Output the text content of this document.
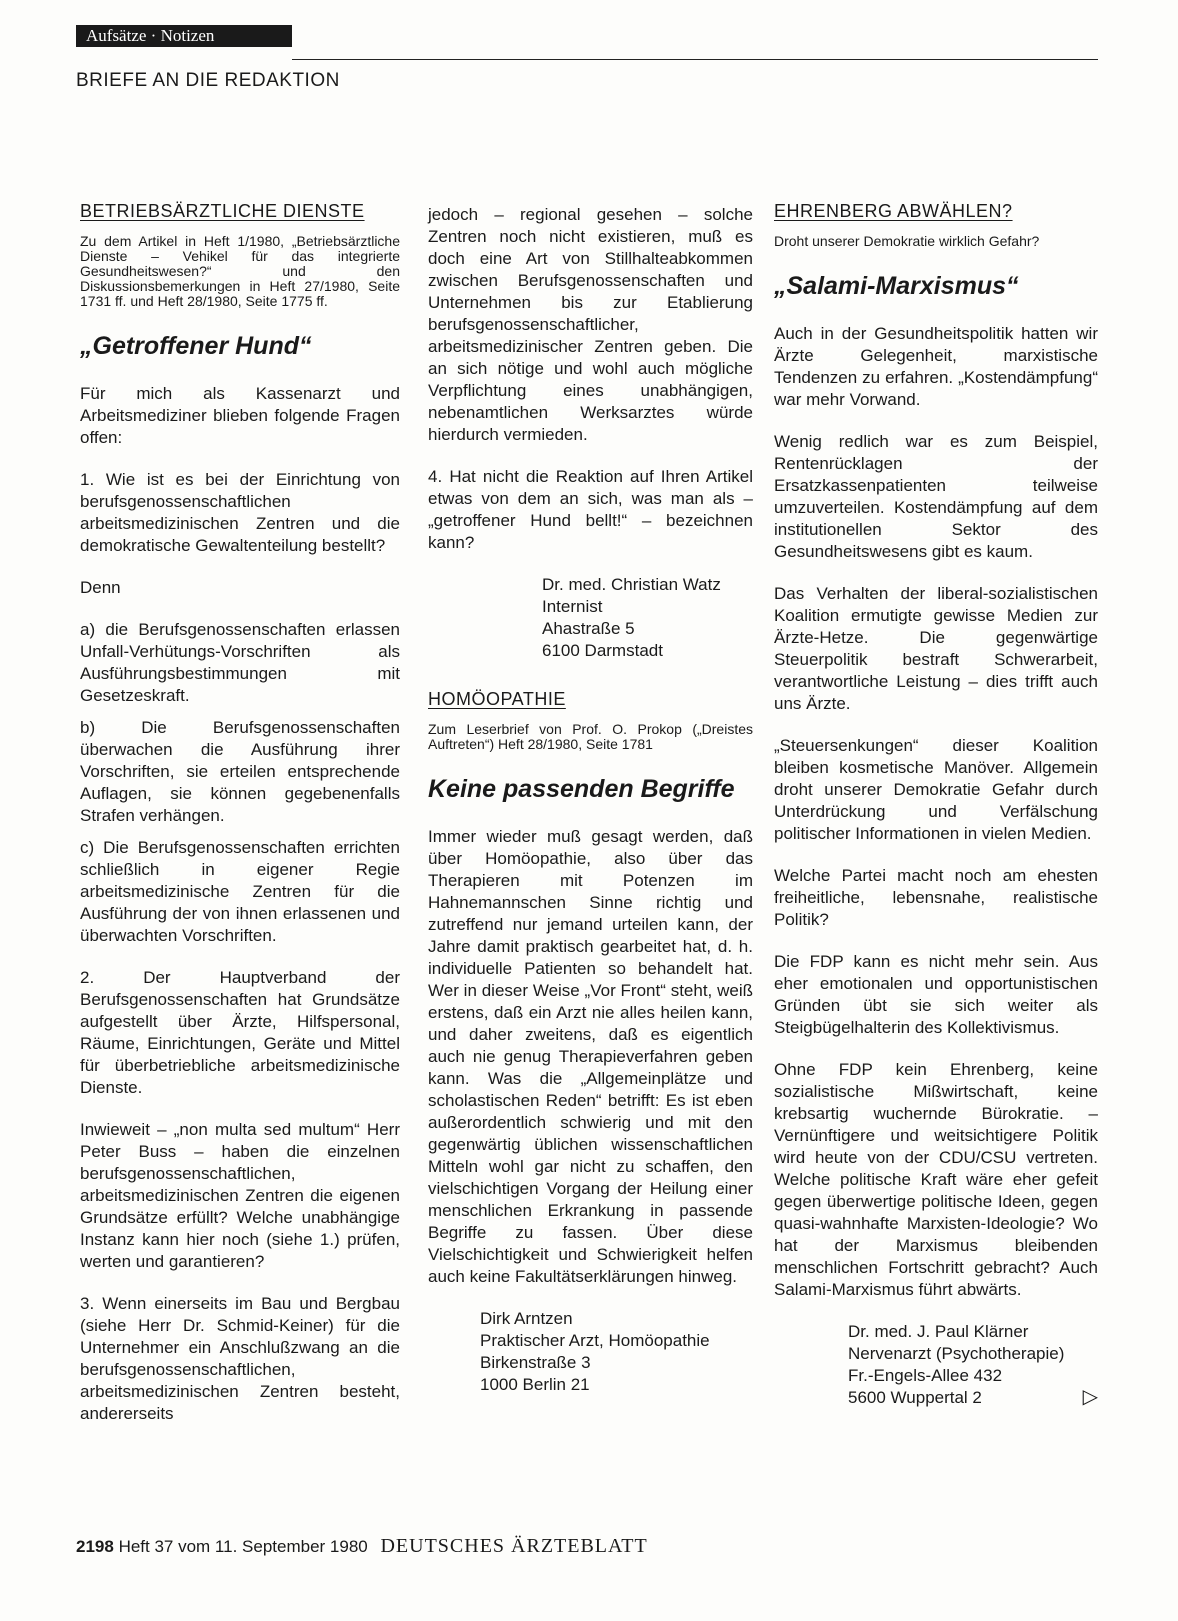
Aufsätze · Notizen
BRIEFE AN DIE REDAKTION
BETRIEBSÄRZTLICHE DIENSTE

Zu dem Artikel in Heft 1/1980, „Betriebsärztliche Dienste – Vehikel für das integrierte Gesundheitswesen?“ und den Diskussionsbemerkungen in Heft 27/1980, Seite 1731 ff. und Heft 28/1980, Seite 1775 ff.

„Getroffener Hund“

Für mich als Kassenarzt und Arbeitsmediziner blieben folgende Fragen offen:

1. Wie ist es bei der Einrichtung von berufsgenossenschaftlichen arbeitsmedizinischen Zentren und die demokratische Gewaltenteilung bestellt?

Denn

a) die Berufsgenossenschaften erlassen Unfall-Verhütungs-Vorschriften als Ausführungsbestimmungen mit Gesetzeskraft.

b) Die Berufsgenossenschaften überwachen die Ausführung ihrer Vorschriften, sie erteilen entsprechende Auflagen, sie können gegebenenfalls Strafen verhängen.

c) Die Berufsgenossenschaften errichten schließlich in eigener Regie arbeitsmedizinische Zentren für die Ausführung der von ihnen erlassenen und überwachten Vorschriften.

2. Der Hauptverband der Berufsgenossenschaften hat Grundsätze aufgestellt über Ärzte, Hilfspersonal, Räume, Einrichtungen, Geräte und Mittel für überbetriebliche arbeitsmedizinische Dienste.

Inwieweit – „non multa sed multum“ Herr Peter Buss – haben die einzelnen berufsgenossenschaftlichen, arbeitsmedizinischen Zentren die eigenen Grundsätze erfüllt? Welche unabhängige Instanz kann hier noch (siehe 1.) prüfen, werten und garantieren?

3. Wenn einerseits im Bau und Bergbau (siehe Herr Dr. Schmid-Keiner) für die Unternehmer ein Anschlußzwang an die berufsgenossenschaftlichen, arbeitsmedizinischen Zentren besteht, andererseits

jedoch – regional gesehen – solche Zentren noch nicht existieren, muß es doch eine Art von Stillhalteabkommen zwischen Berufsgenossenschaften und Unternehmen bis zur Etablierung berufsgenossenschaftlicher, arbeitsmedizinischer Zentren geben. Die an sich nötige und wohl auch mögliche Verpflichtung eines unabhängigen, nebenamtlichen Werksarztes würde hierdurch vermieden.

4. Hat nicht die Reaktion auf Ihren Artikel etwas von dem an sich, was man als – „getroffener Hund bellt!“ – bezeichnen kann?

Dr. med. Christian Watz
Internist
Ahastraße 5
6100 Darmstadt
HOMÖOPATHIE

Zum Leserbrief von Prof. O. Prokop („Dreistes Auftreten“) Heft 28/1980, Seite 1781

Keine passenden Begriffe

Immer wieder muß gesagt werden, daß über Homöopathie, also über das Therapieren mit Potenzen im Hahnemannschen Sinne richtig und zutreffend nur jemand urteilen kann, der Jahre damit praktisch gearbeitet hat, d. h. individuelle Patienten so behandelt hat. Wer in dieser Weise „Vor Front“ steht, weiß erstens, daß ein Arzt nie alles heilen kann, und daher zweitens, daß es eigentlich auch nie genug Therapieverfahren geben kann. Was die „Allgemeinplätze und scholastischen Reden“ betrifft: Es ist eben außerordentlich schwierig und mit den gegenwärtig üblichen wissenschaftlichen Mitteln wohl gar nicht zu schaffen, den vielschichtigen Vorgang der Heilung einer menschlichen Erkrankung in passende Begriffe zu fassen. Über diese Vielschichtigkeit und Schwierigkeit helfen auch keine Fakultätserklärungen hinweg.

Dirk Arntzen
Praktischer Arzt, Homöopathie
Birkenstraße 3
1000 Berlin 21
EHRENBERG ABWÄHLEN?

Droht unserer Demokratie wirklich Gefahr?

„Salami-Marxismus“

Auch in der Gesundheitspolitik hatten wir Ärzte Gelegenheit, marxistische Tendenzen zu erfahren. „Kostendämpfung“ war mehr Vorwand.

Wenig redlich war es zum Beispiel, Rentenrücklagen der Ersatzkassenpatienten teilweise umzuverteilen. Kostendämpfung auf dem institutionellen Sektor des Gesundheitswesens gibt es kaum.

Das Verhalten der liberal-sozialistischen Koalition ermutigte gewisse Medien zur Ärzte-Hetze. Die gegenwärtige Steuerpolitik bestraft Schwerarbeit, verantwortliche Leistung – dies trifft auch uns Ärzte.

„Steuersenkungen“ dieser Koalition bleiben kosmetische Manöver. Allgemein droht unserer Demokratie Gefahr durch Unterdrückung und Verfälschung politischer Informationen in vielen Medien.

Welche Partei macht noch am ehesten freiheitliche, lebensnahe, realistische Politik?

Die FDP kann es nicht mehr sein. Aus eher emotionalen und opportunistischen Gründen übt sie sich weiter als Steigbügelhalterin des Kollektivismus.

Ohne FDP kein Ehrenberg, keine sozialistische Mißwirtschaft, keine krebsartig wuchernde Bürokratie. – Vernünftigere und weitsichtigere Politik wird heute von der CDU/CSU vertreten. Welche politische Kraft wäre eher gefeit gegen überwertige politische Ideen, gegen quasi-wahnhafte Marxisten-Ideologie? Wo hat der Marxismus bleibenden menschlichen Fortschritt gebracht? Auch Salami-Marxismus führt abwärts.

Dr. med. J. Paul Klärner
Nervenarzt (Psychotherapie)
Fr.-Engels-Allee 432
5600 Wuppertal 2	▷
2198 Heft 37 vom 11. September 1980 DEUTSCHES ÄRZTEBLATT
